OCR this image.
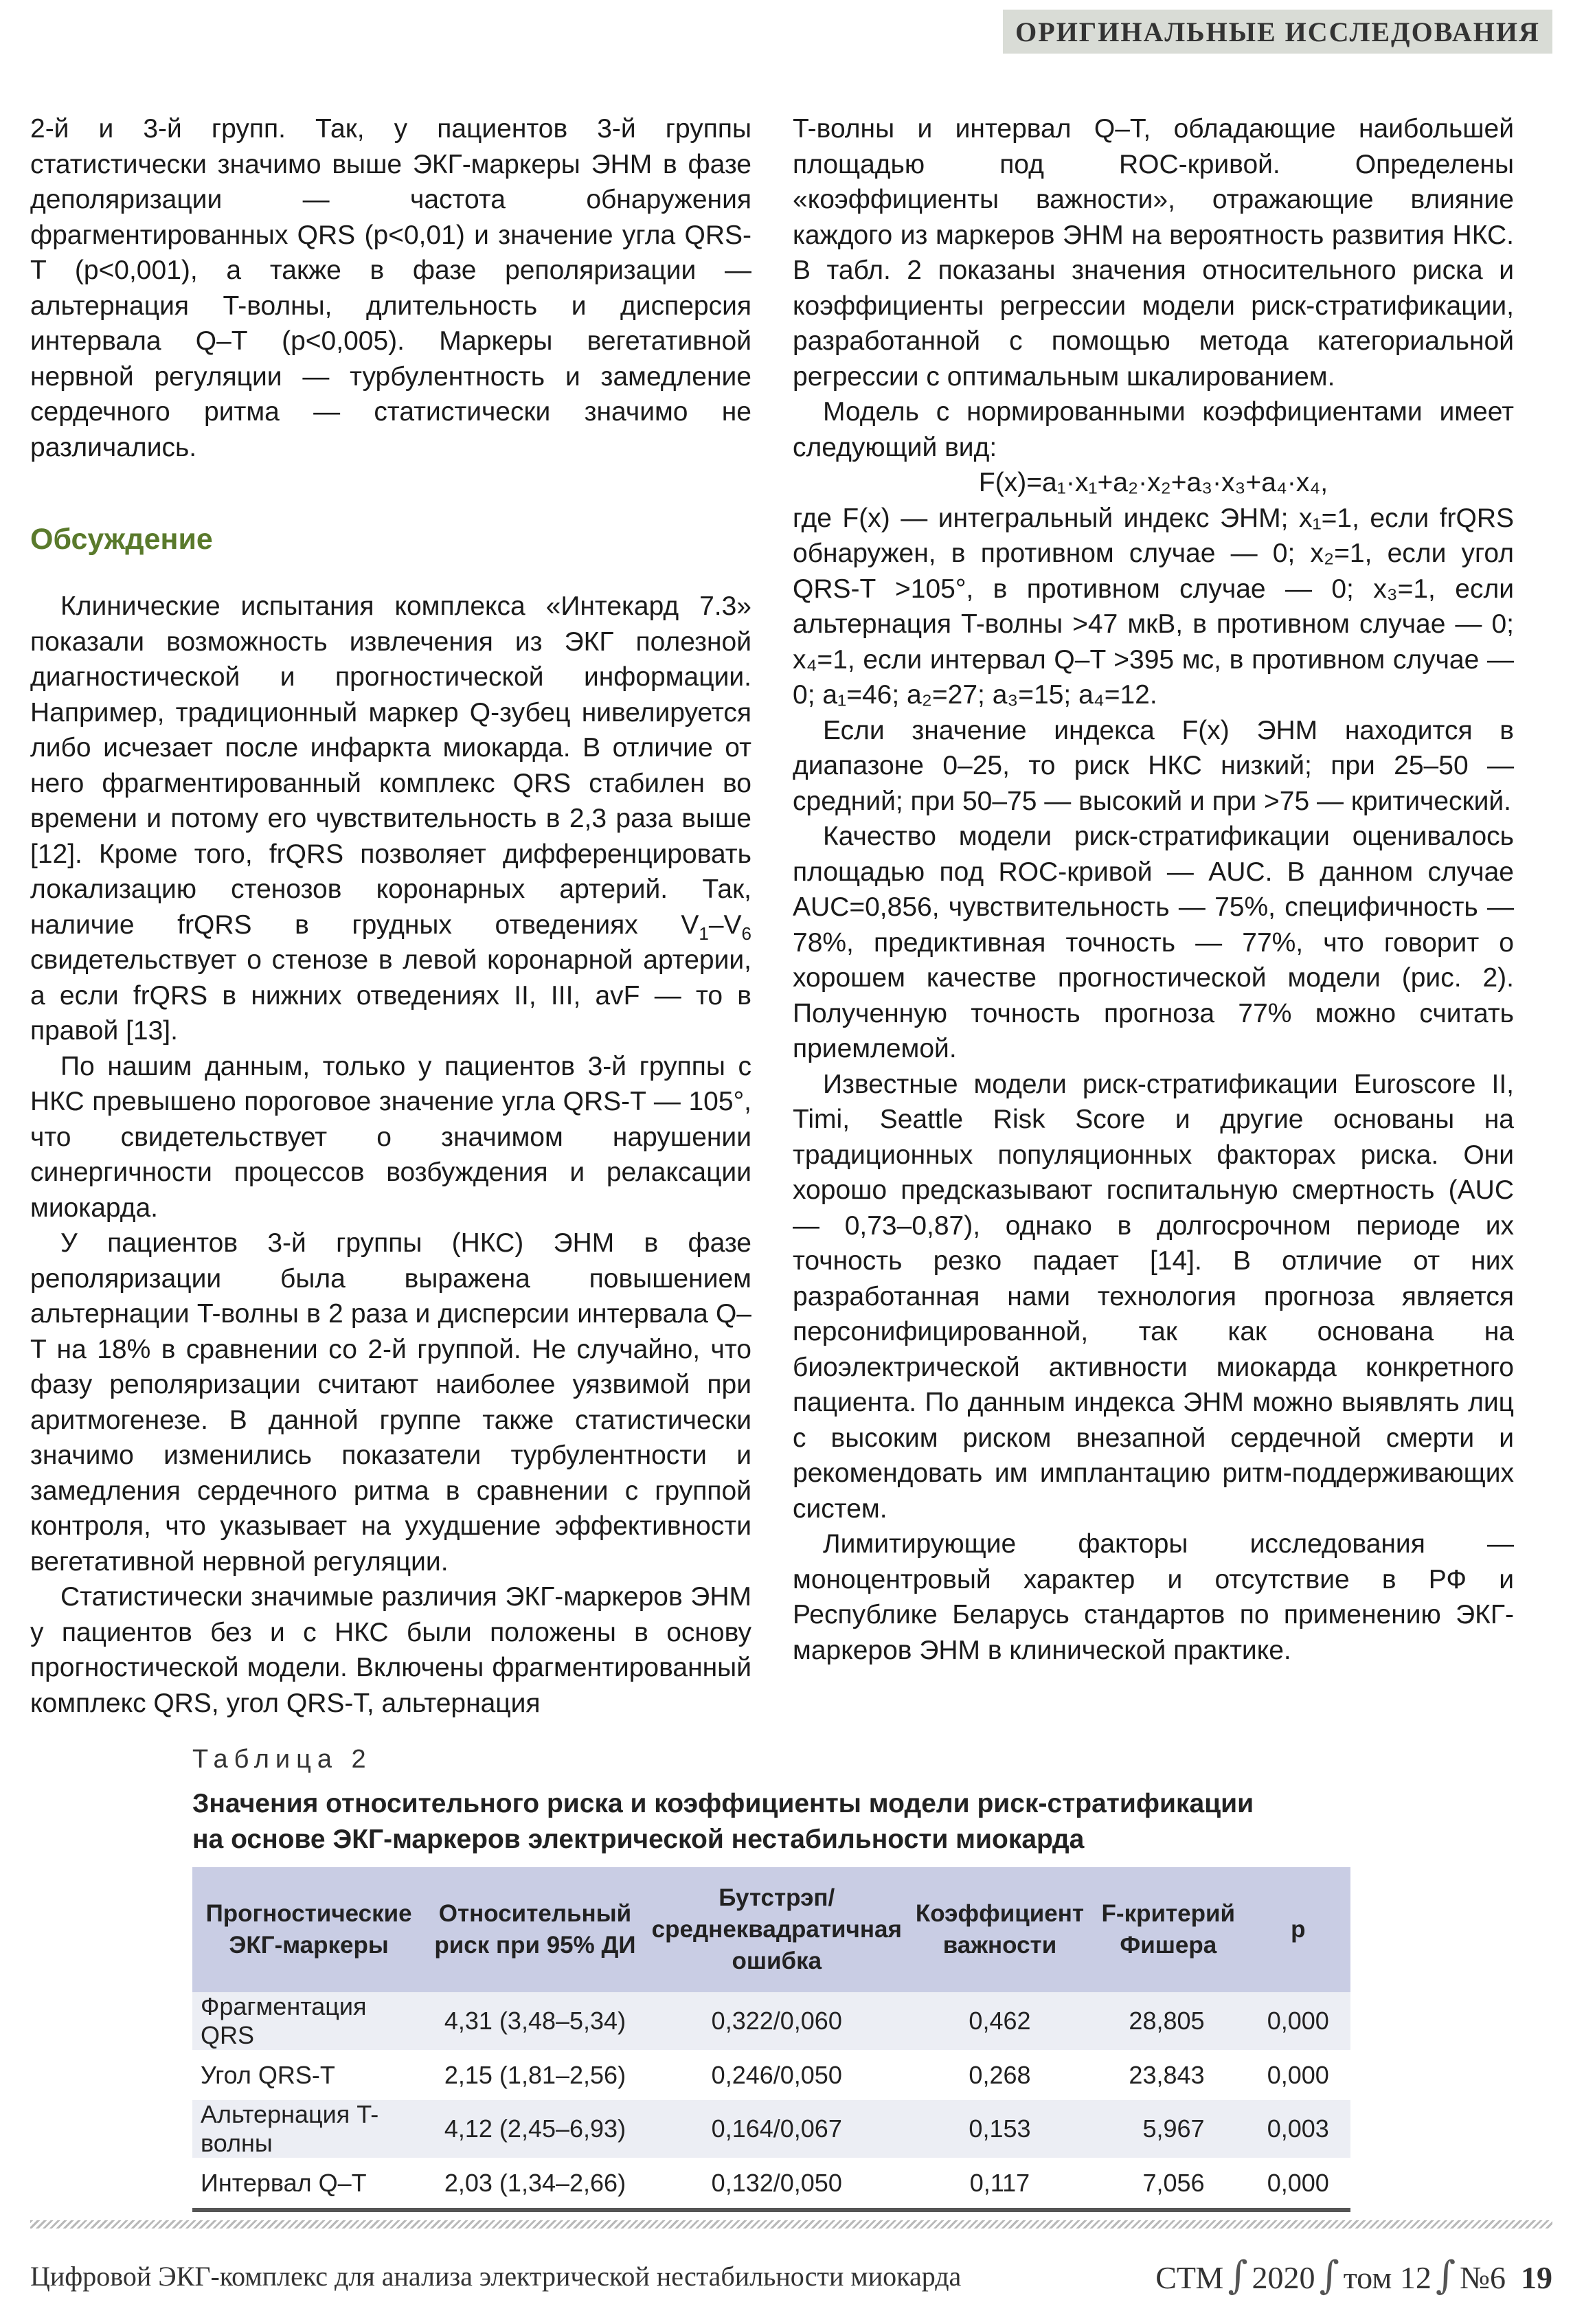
ОРИГИНАЛЬНЫЕ ИССЛЕДОВАНИЯ

2-й и 3-й групп. Так, у пациентов 3-й группы статистически значимо выше ЭКГ-маркеры ЭНМ в фазе деполяризации — частота обнаружения фрагментированных QRS (p<0,01) и значение угла QRS-T (p<0,001), а также в фазе реполяризации — альтернация T-волны, длительность и дисперсия интервала Q–T (p<0,005). Маркеры вегетативной нервной регуляции — турбулентность и замедление сердечного ритма — статистически значимо не различались.

Обсуждение

Клинические испытания комплекса «Интекард 7.3» показали возможность извлечения из ЭКГ полезной диагностической и прогностической информации. Например, традиционный маркер Q-зубец нивелируется либо исчезает после инфаркта миокарда. В отличие от него фрагментированный комплекс QRS стабилен во времени и потому его чувствительность в 2,3 раза выше [12]. Кроме того, frQRS позволяет дифференцировать локализацию стенозов коронарных артерий. Так, наличие frQRS в грудных отведениях $V_1-V_6$ свидетельствует о стенозе в левой коронарной артерии, а если frQRS в нижних отведениях II, III, avF — то в правой [13].

По нашим данным, только у пациентов 3-й группы с НКС превышено пороговое значение угла QRS-T — 105°, что свидетельствует о значимом нарушении синергичности процессов возбуждения и релаксации миокарда.

У пациентов 3-й группы (НКС) ЭНМ в фазе реполяризации была выражена повышением альтернации T-волны в 2 раза и дисперсии интервала Q–T на 18% в сравнении со 2-й группой. Не случайно, что фазу реполяризации считают наиболее уязвимой при аритмогенезе. В данной группе также статистически значимо изменились показатели турбулентности и замедления сердечного ритма в сравнении с группой контроля, что указывает на ухудшение эффективности вегетативной нервной регуляции.

Статистически значимые различия ЭКГ-маркеров ЭНМ у пациентов без и с НКС были положены в основу прогностической модели. Включены фрагментированный комплекс QRS, угол QRS-T, альтернация

T-волны и интервал Q–T, обладающие наибольшей площадью под ROC-кривой. Определены «коэффициенты важности», отражающие влияние каждого из маркеров ЭНМ на вероятность развития НКС. В табл. 2 показаны значения относительного риска и коэффициенты регрессии модели риск-стратификации, разработанной с помощью метода категориальной регрессии с оптимальным шкалированием.

Модель с нормированными коэффициентами имеет следующий вид:

F(x)=a₁·x₁+a₂·x₂+a₃·x₃+a₄·x₄,

где F(x) — интегральный индекс ЭНМ; x₁=1, если frQRS обнаружен, в противном случае — 0; x₂=1, если угол QRS-T >105°, в противном случае — 0; x₃=1, если альтернация T-волны >47 мкВ, в противном случае — 0; x₄=1, если интервал Q–T >395 мс, в противном случае — 0; a₁=46; a₂=27; a₃=15; a₄=12.

Если значение индекса F(x) ЭНМ находится в диапазоне 0–25, то риск НКС низкий; при 25–50 — средний; при 50–75 — высокий и при >75 — критический.

Качество модели риск-стратификации оценивалось площадью под ROC-кривой — AUC. В данном случае AUC=0,856, чувствительность — 75%, специфичность — 78%, предиктивная точность — 77%, что говорит о хорошем качестве прогностической модели (рис. 2). Полученную точность прогноза 77% можно считать приемлемой.

Известные модели риск-стратификации Euroscore II, Timi, Seattle Risk Score и другие основаны на традиционных популяционных факторах риска. Они хорошо предсказывают госпитальную смертность (AUC — 0,73–0,87), однако в долгосрочном периоде их точность резко падает [14]. В отличие от них разработанная нами технология прогноза является персонифицированной, так как основана на биоэлектрической активности миокарда конкретного пациента. По данным индекса ЭНМ можно выявлять лиц с высоким риском внезапной сердечной смерти и рекомендовать им имплантацию ритм-поддерживающих систем.

Лимитирующие факторы исследования — моноцентровый характер и отсутствие в РФ и Республике Беларусь стандартов по применению ЭКГ-маркеров ЭНМ в клинической практике.

Таблица 2
Значения относительного риска и коэффициенты модели риск-стратификации
на основе ЭКГ-маркеров электрической нестабильности миокарда
Прогностические ЭКГ-маркеры	Относительный риск при 95% ДИ	Бутстрэп/ среднеквадратичная ошибка	Коэффициент важности	F-критерий Фишера	p
Фрагментация QRS	4,31 (3,48–5,34)	0,322/0,060	0,462	28,805	0,000
Угол QRS-T	2,15 (1,81–2,56)	0,246/0,050	0,268	23,843	0,000
Альтернация T-волны	4,12 (2,45–6,93)	0,164/0,067	0,153	5,967	0,003
Интервал Q–T	2,03 (1,34–2,66)	0,132/0,050	0,117	7,056	0,000
Цифровой ЭКГ-комплекс для анализа электрической нестабильности миокарда	СТМ ∫ 2020 ∫ том 12 ∫ №6 19
